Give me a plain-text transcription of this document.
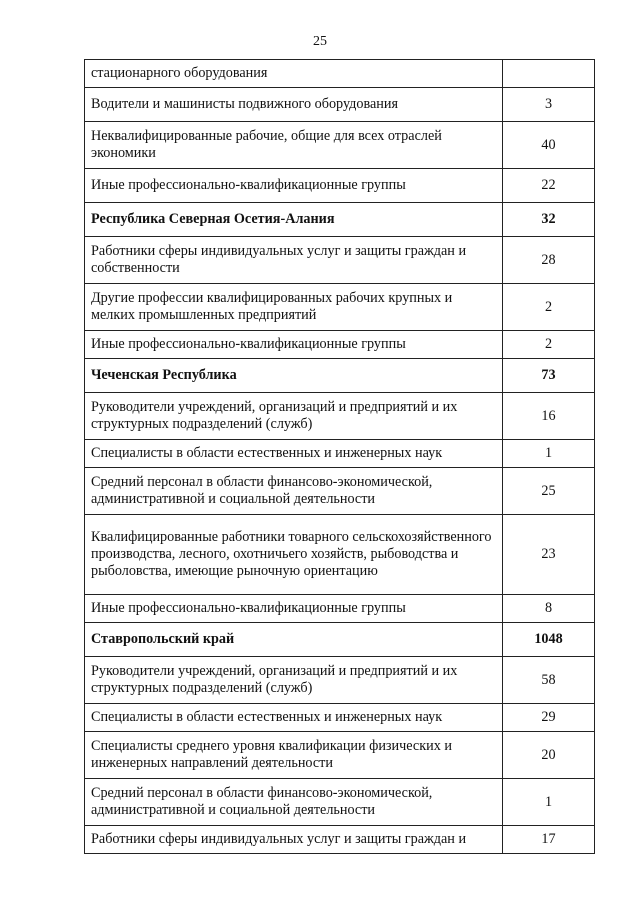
25
стационарного оборудования	
Водители и машинисты подвижного оборудования	3
Неквалифицированные рабочие, общие для всех отраслей экономики	40
Иные профессионально-квалификационные группы	22
Республика Северная Осетия-Алания	32
Работники сферы индивидуальных услуг и защиты граждан и собственности	28
Другие профессии квалифицированных рабочих крупных и мелких промышленных предприятий	2
Иные профессионально-квалификационные группы	2
Чеченская Республика	73
Руководители учреждений, организаций и предприятий и их структурных подразделений (служб)	16
Специалисты в области естественных и инженерных наук	1
Средний персонал в области финансово-экономической, административной и социальной деятельности	25
Квалифицированные работники товарного сельскохозяйственного производства, лесного, охотничьего хозяйств, рыбоводства и рыболовства, имеющие рыночную ориентацию	23
Иные профессионально-квалификационные группы	8
Ставропольский край	1048
Руководители учреждений, организаций и предприятий и их структурных подразделений (служб)	58
Специалисты в области естественных и инженерных наук	29
Специалисты среднего уровня квалификации физических и инженерных направлений деятельности	20
Средний персонал в области финансово-экономической, административной и социальной деятельности	1
Работники сферы индивидуальных услуг и защиты граждан и	17
